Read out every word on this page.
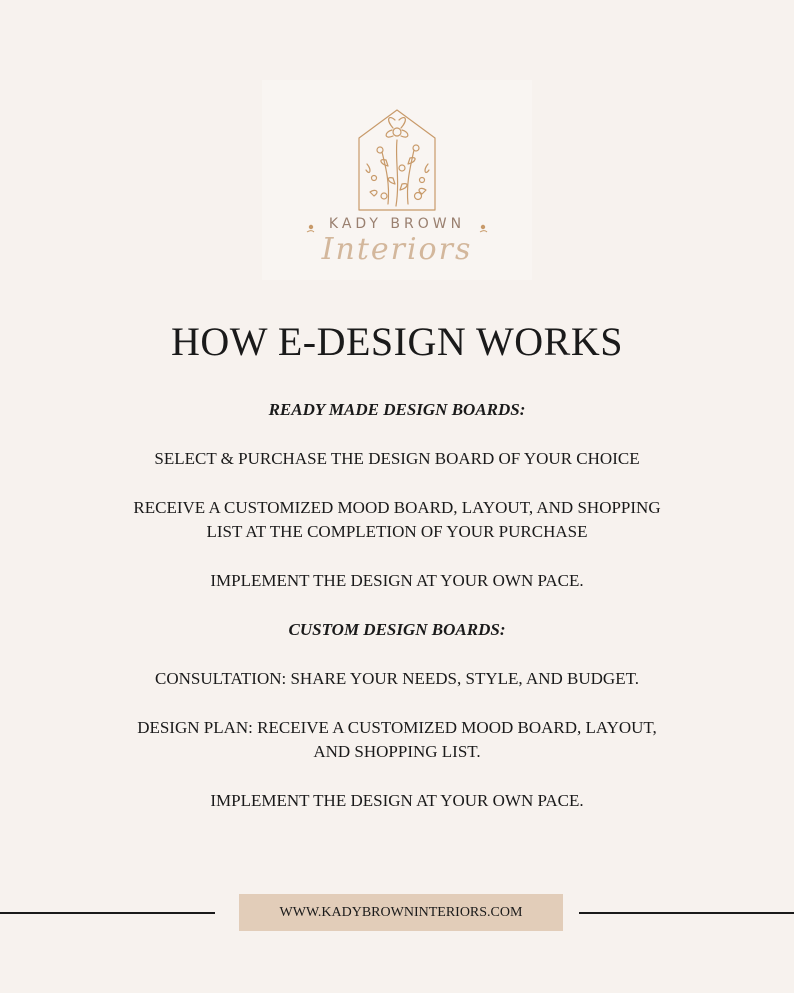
KADY BROWN
Interiors
HOW E-DESIGN WORKS

READY MADE DESIGN BOARDS:

SELECT & PURCHASE THE DESIGN BOARD OF YOUR CHOICE

RECEIVE A CUSTOMIZED MOOD BOARD, LAYOUT, AND SHOPPING

LIST AT THE COMPLETION OF YOUR PURCHASE

IMPLEMENT THE DESIGN AT YOUR OWN PACE.

CUSTOM DESIGN BOARDS:

CONSULTATION: SHARE YOUR NEEDS, STYLE, AND BUDGET.

DESIGN PLAN: RECEIVE A CUSTOMIZED MOOD BOARD, LAYOUT,

AND SHOPPING LIST.

IMPLEMENT THE DESIGN AT YOUR OWN PACE.

WWW.KADYBROWNINTERIORS.COM
